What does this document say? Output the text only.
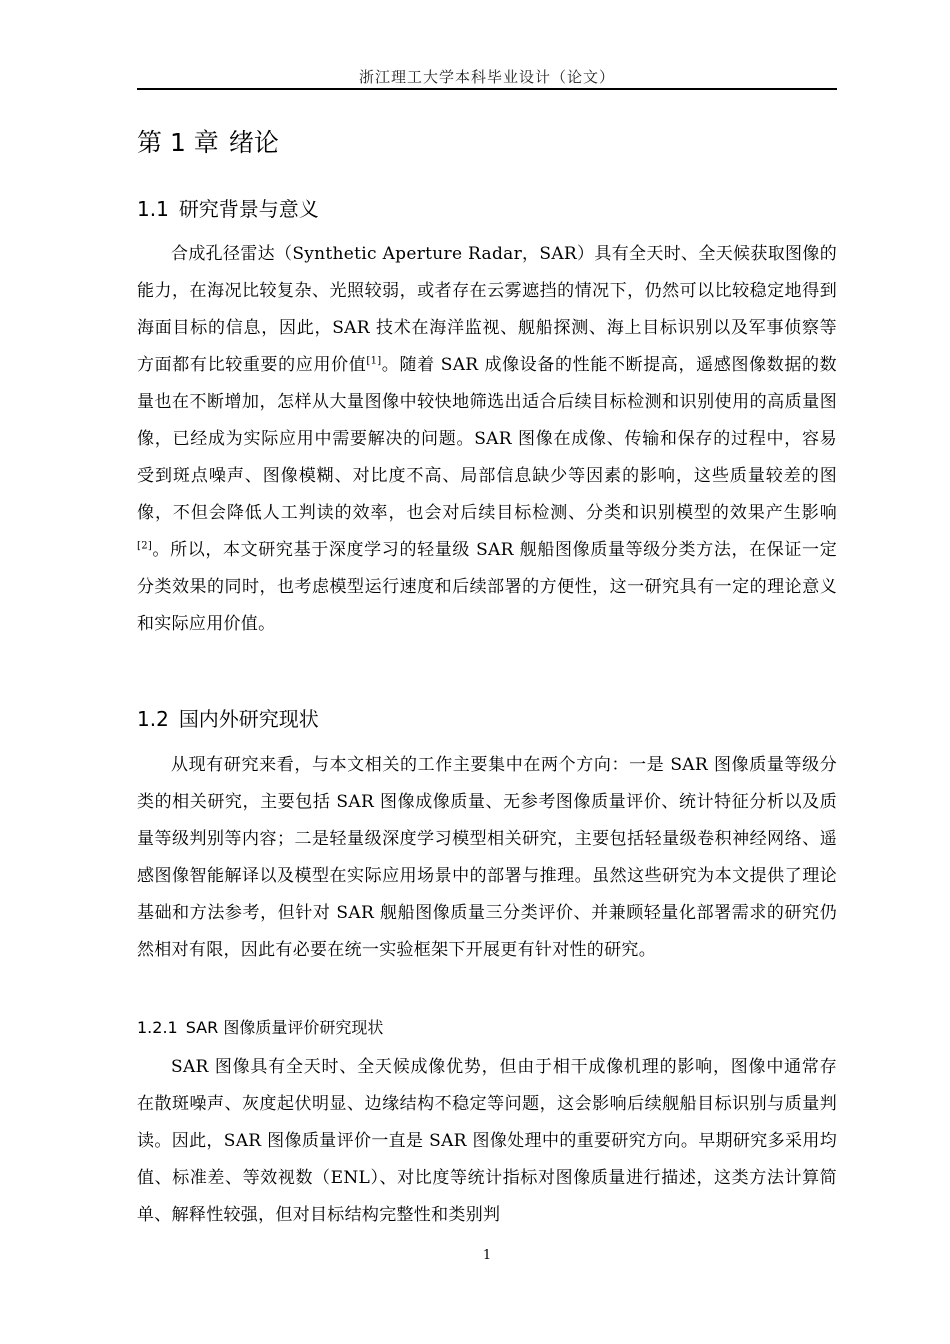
浙江理工大学本科毕业设计（论文）
第 1 章 绪论
1.1 研究背景与意义

合成孔径雷达（Synthetic Aperture Radar，SAR）具有全天时、全天候获取图像的能力，在海况比较复杂、光照较弱，或者存在云雾遮挡的情况下，仍然可以比较稳定地得到海面目标的信息，因此，SAR 技术在海洋监视、舰船探测、海上目标识别以及军事侦察等方面都有比较重要的应用价值[1]。随着 SAR 成像设备的性能不断提高，遥感图像数据的数量也在不断增加，怎样从大量图像中较快地筛选出适合后续目标检测和识别使用的高质量图像，已经成为实际应用中需要解决的问题。SAR 图像在成像、传输和保存的过程中，容易受到斑点噪声、图像模糊、对比度不高、局部信息缺少等因素的影响，这些质量较差的图像，不但会降低人工判读的效率，也会对后续目标检测、分类和识别模型的效果产生影响[2]。所以，本文研究基于深度学习的轻量级 SAR 舰船图像质量等级分类方法，在保证一定分类效果的同时，也考虑模型运行速度和后续部署的方便性，这一研究具有一定的理论意义和实际应用价值。

1.2 国内外研究现状

从现有研究来看，与本文相关的工作主要集中在两个方向：一是 SAR 图像质量等级分类的相关研究，主要包括 SAR 图像成像质量、无参考图像质量评价、统计特征分析以及质量等级判别等内容；二是轻量级深度学习模型相关研究，主要包括轻量级卷积神经网络、遥感图像智能解译以及模型在实际应用场景中的部署与推理。虽然这些研究为本文提供了理论基础和方法参考，但针对 SAR 舰船图像质量三分类评价、并兼顾轻量化部署需求的研究仍然相对有限，因此有必要在统一实验框架下开展更有针对性的研究。

1.2.1 SAR 图像质量评价研究现状

SAR 图像具有全天时、全天候成像优势，但由于相干成像机理的影响，图像中通常存在散斑噪声、灰度起伏明显、边缘结构不稳定等问题，这会影响后续舰船目标识别与质量判读。因此，SAR 图像质量评价一直是 SAR 图像处理中的重要研究方向。早期研究多采用均值、标准差、等效视数（ENL）、对比度等统计指标对图像质量进行描述，这类方法计算简单、解释性较强，但对目标结构完整性和类别判

1
